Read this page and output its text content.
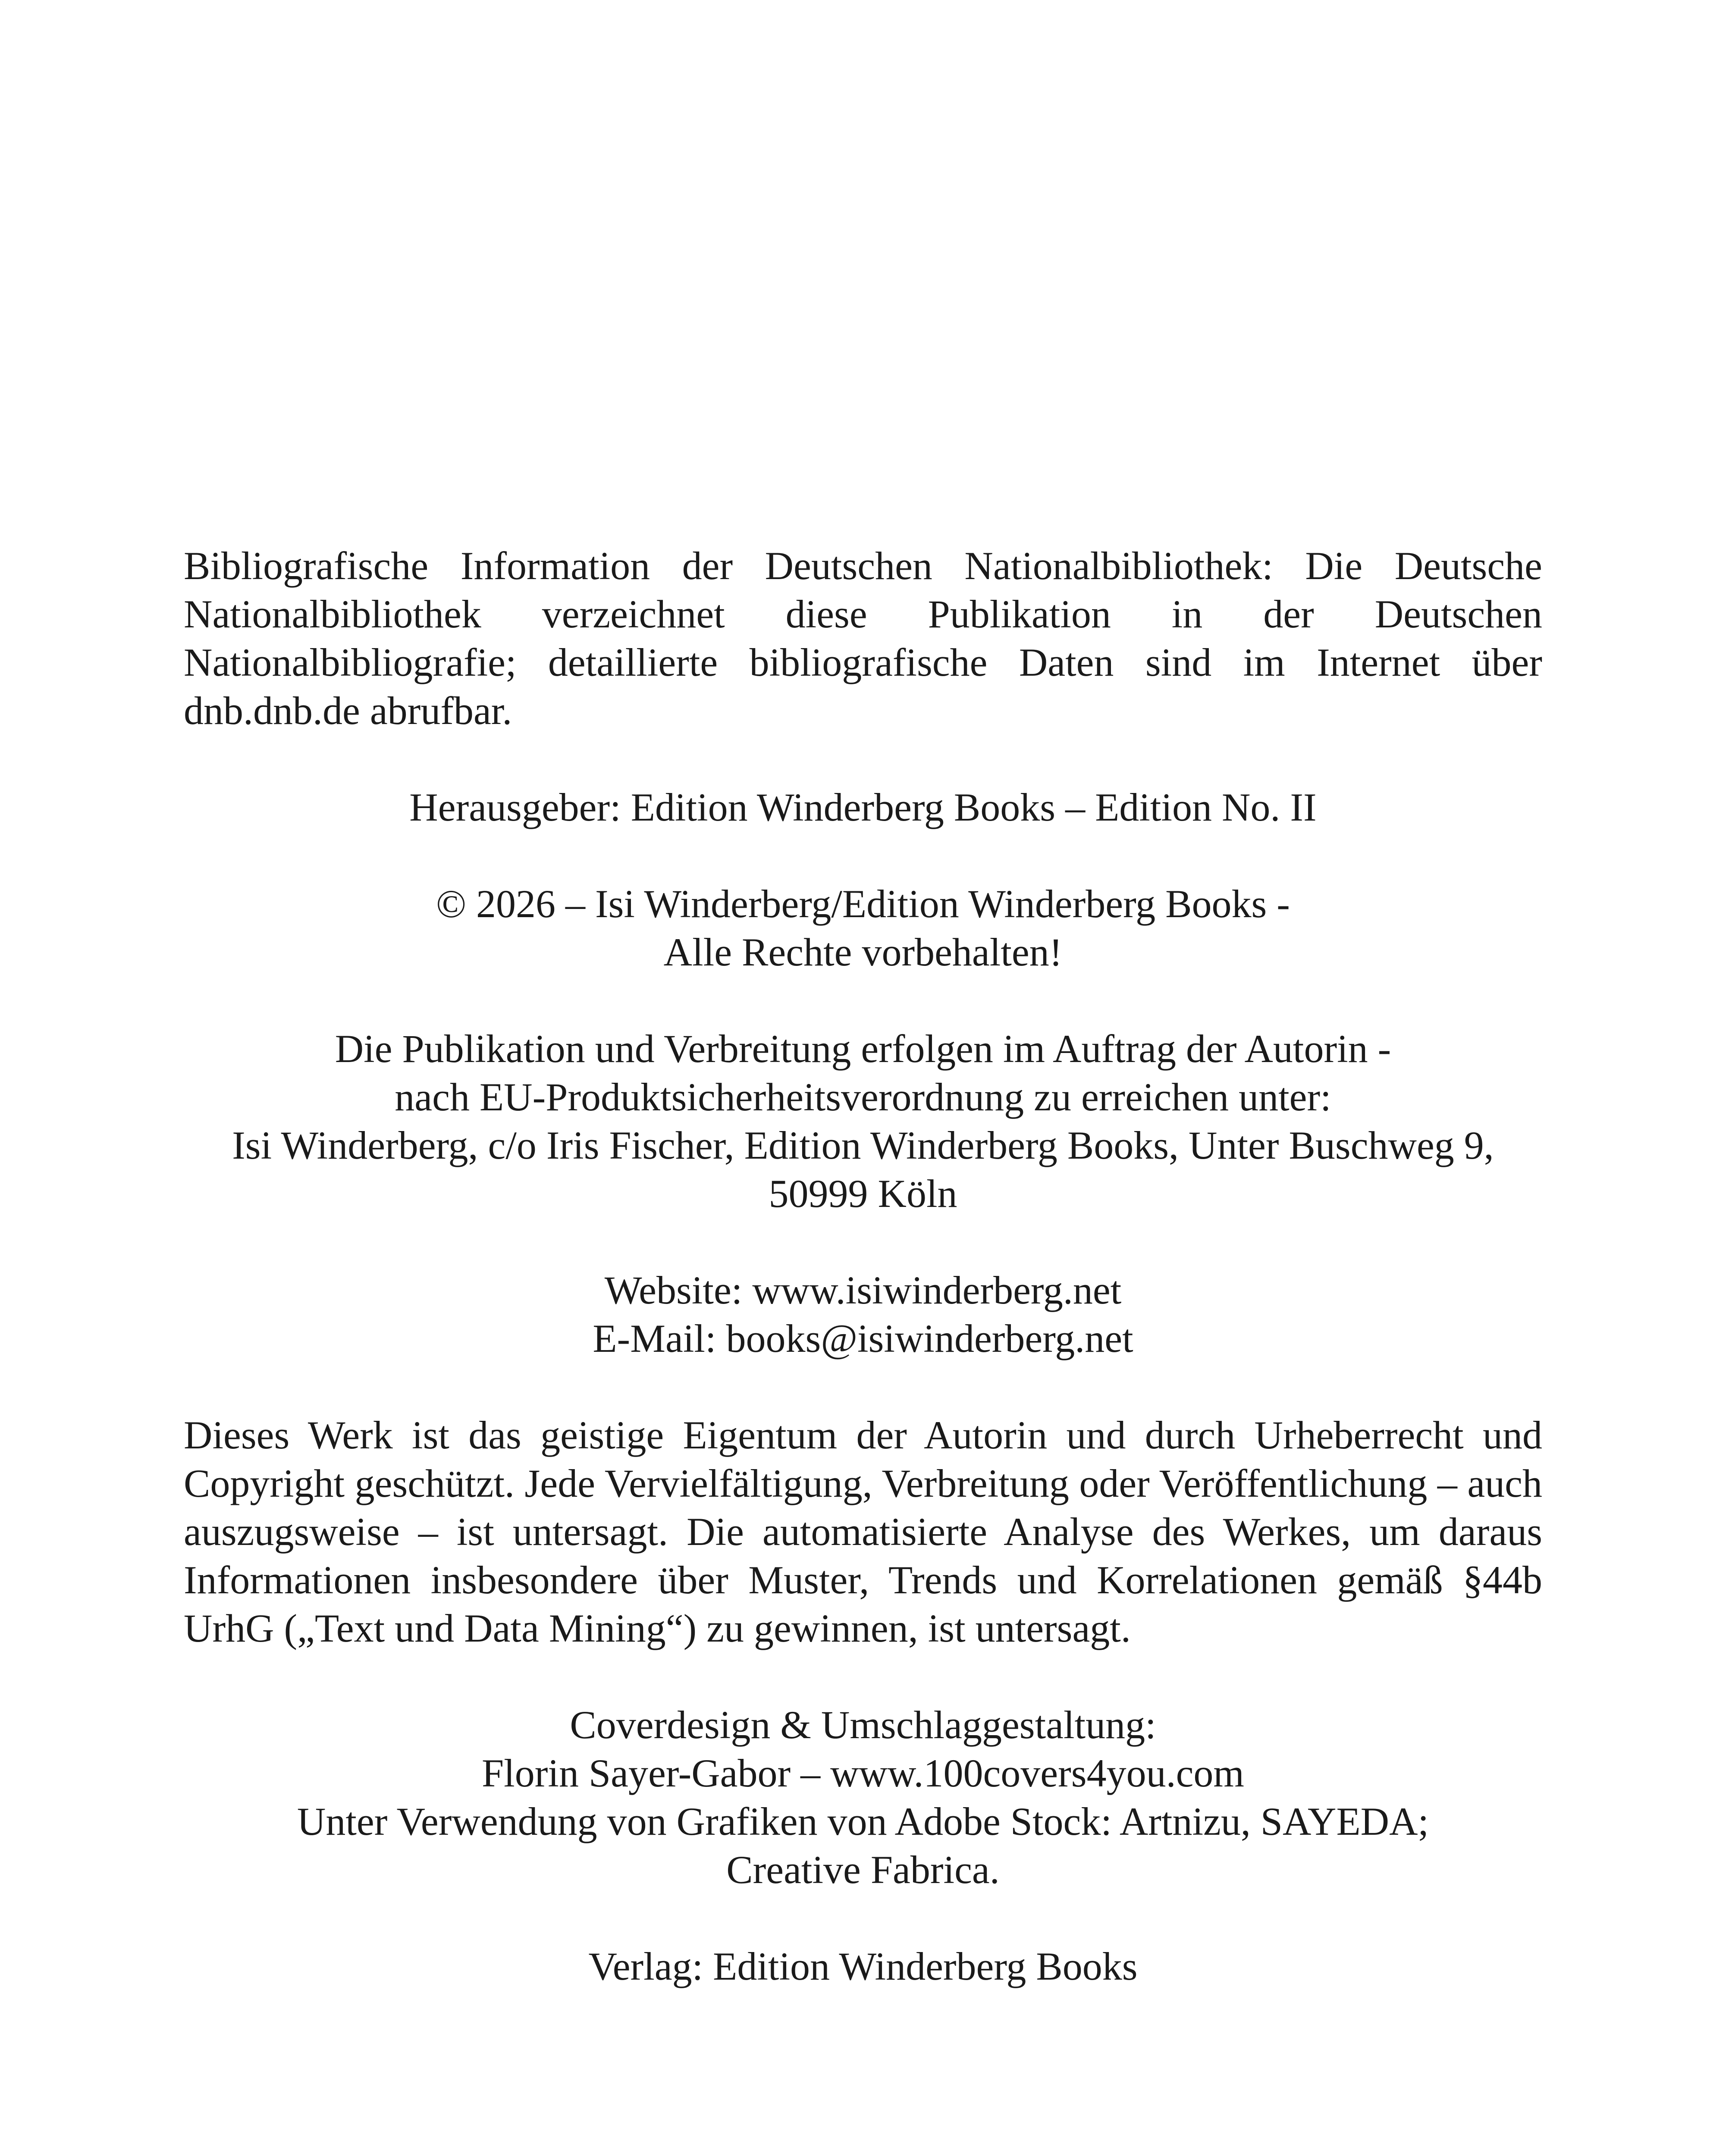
Bibliografische Information der Deutschen Nationalbibliothek: Die Deutsche Nationalbibliothek verzeichnet diese Publikation in der Deutschen Nationalbibliografie; detaillierte bibliografische Daten sind im Internet über dnb.dnb.de abrufbar.

Herausgeber: Edition Winderberg Books – Edition No. II

© 2026 – Isi Winderberg/Edition Winderberg Books -
Alle Rechte vorbehalten!
Die Publikation und Verbreitung erfolgen im Auftrag der Autorin -
nach EU-Produktsicherheitsverordnung zu erreichen unter:
Isi Winderberg, c/o Iris Fischer, Edition Winderberg Books, Unter Buschweg 9,
50999 Köln
Website: www.isiwinderberg.net
E-Mail: books@isiwinderberg.net

Dieses Werk ist das geistige Eigentum der Autorin und durch Urheberrecht und Copyright geschützt. Jede Vervielfältigung, Verbreitung oder Veröffentlichung – auch auszugsweise – ist untersagt. Die automatisierte Analyse des Werkes, um daraus Informationen insbesondere über Muster, Trends und Korrelationen gemäß §44b UrhG („Text und Data Mining“) zu gewinnen, ist untersagt.

Coverdesign & Umschlaggestaltung:
Florin Sayer-Gabor – www.100covers4you.com
Unter Verwendung von Grafiken von Adobe Stock: Artnizu, SAYEDA;
Creative Fabrica.

Verlag: Edition Winderberg Books
